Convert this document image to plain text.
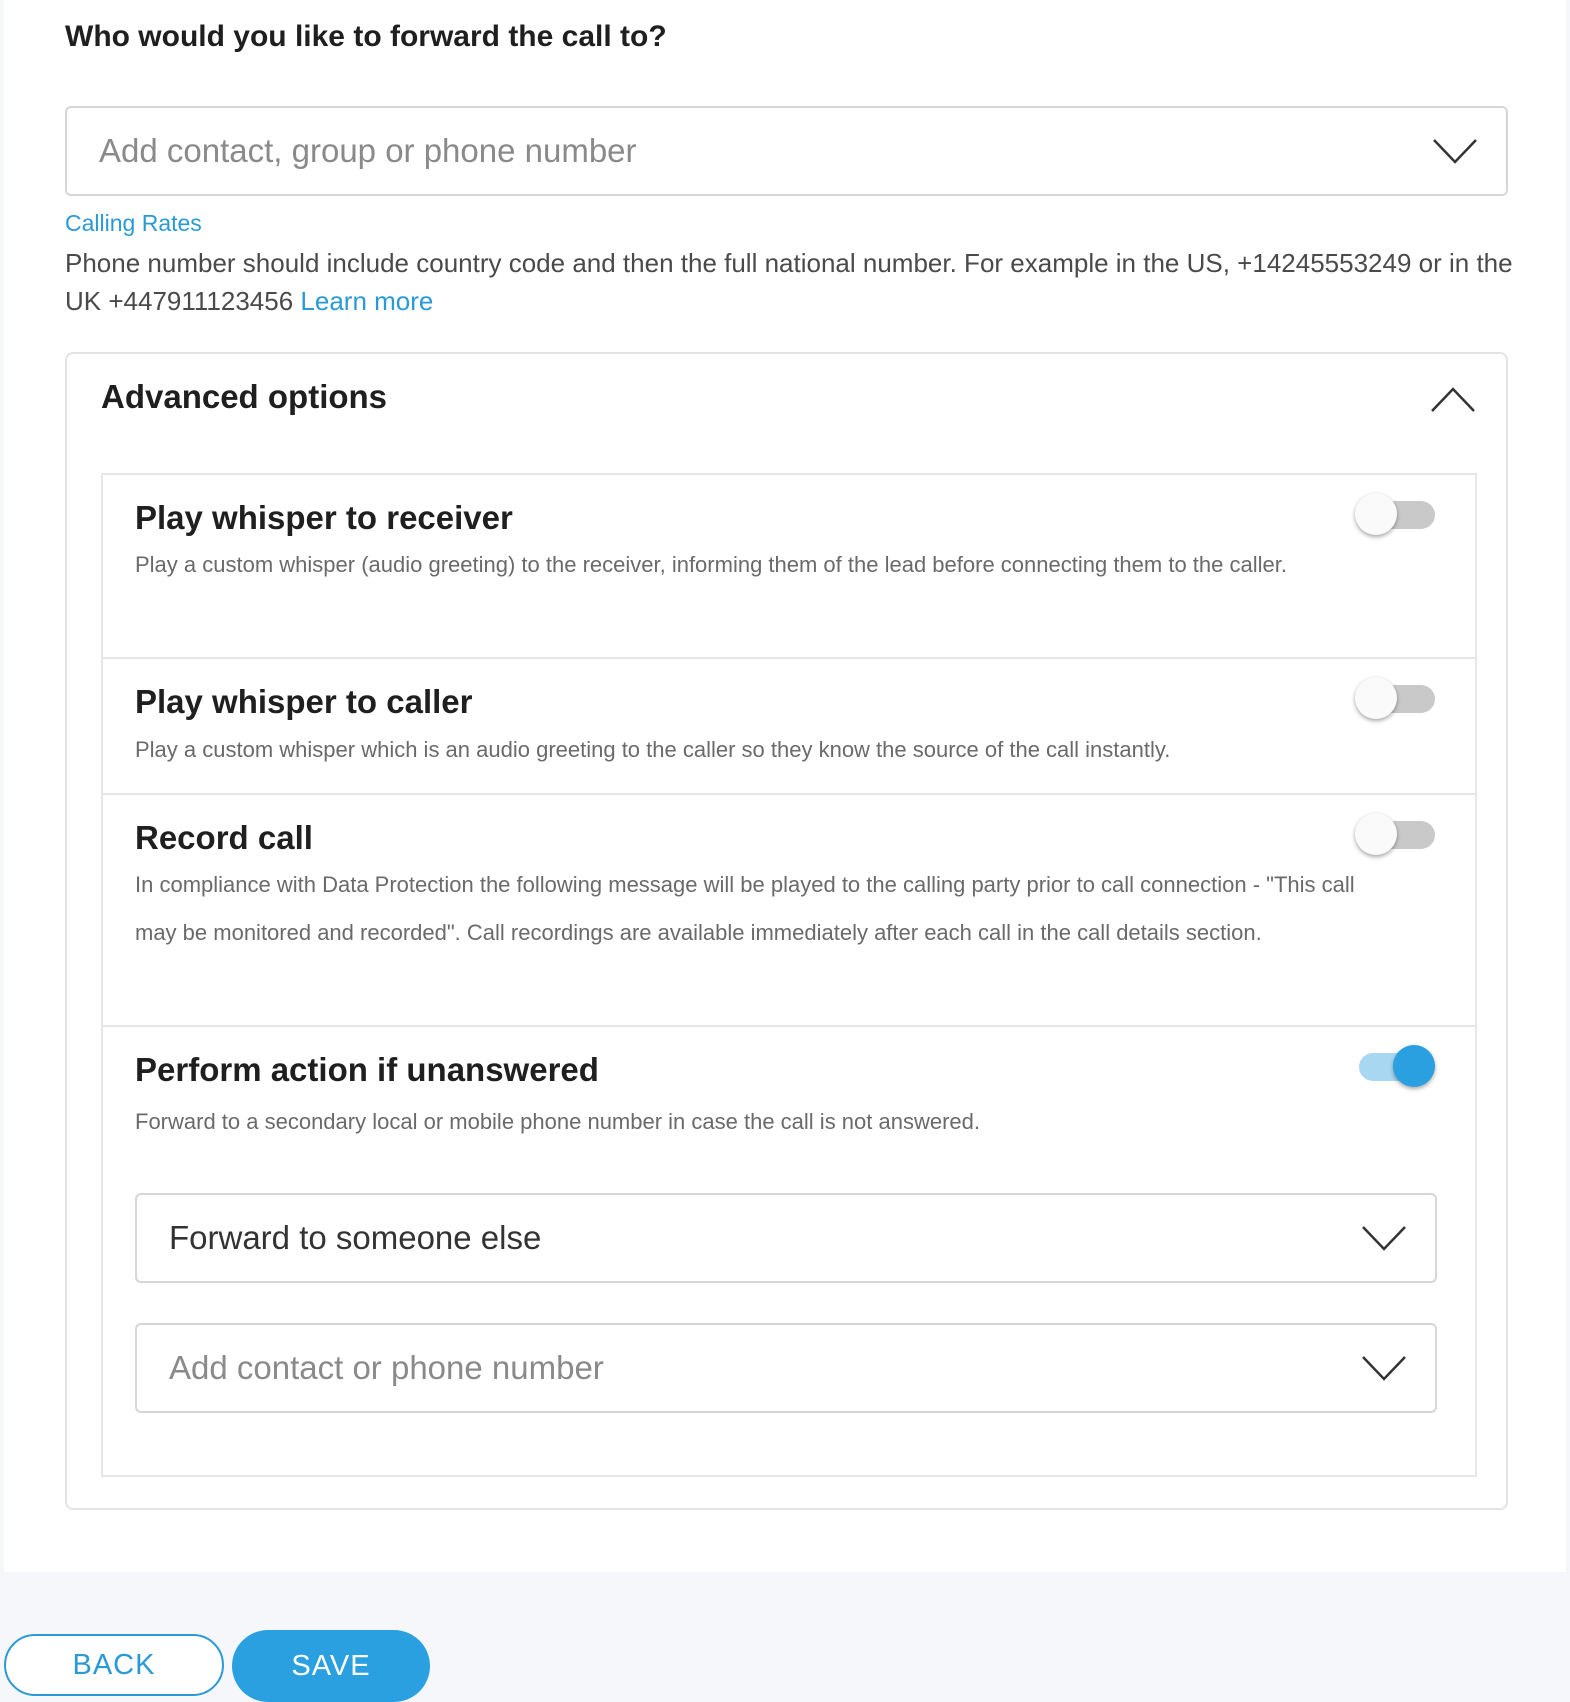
Who would you like to forward the call to?
Add contact, group or phone number
Calling Rates

Phone number should include country code and then the full national number. For example in the US, +14245553249 or in the UK +447911123456 Learn more

Advanced options
Play whisper to receiver

Play a custom whisper (audio greeting) to the receiver, informing them of the lead before connecting them to the caller.

Play whisper to caller

Play a custom whisper which is an audio greeting to the caller so they know the source of the call instantly.

Record call

In compliance with Data Protection the following message will be played to the calling party prior to call connection - "This call may be monitored and recorded". Call recordings are available immediately after each call in the call details section.

Perform action if unanswered

Forward to a secondary local or mobile phone number in case the call is not answered.

Forward to someone else
Add contact or phone number
BACK	SAVE
